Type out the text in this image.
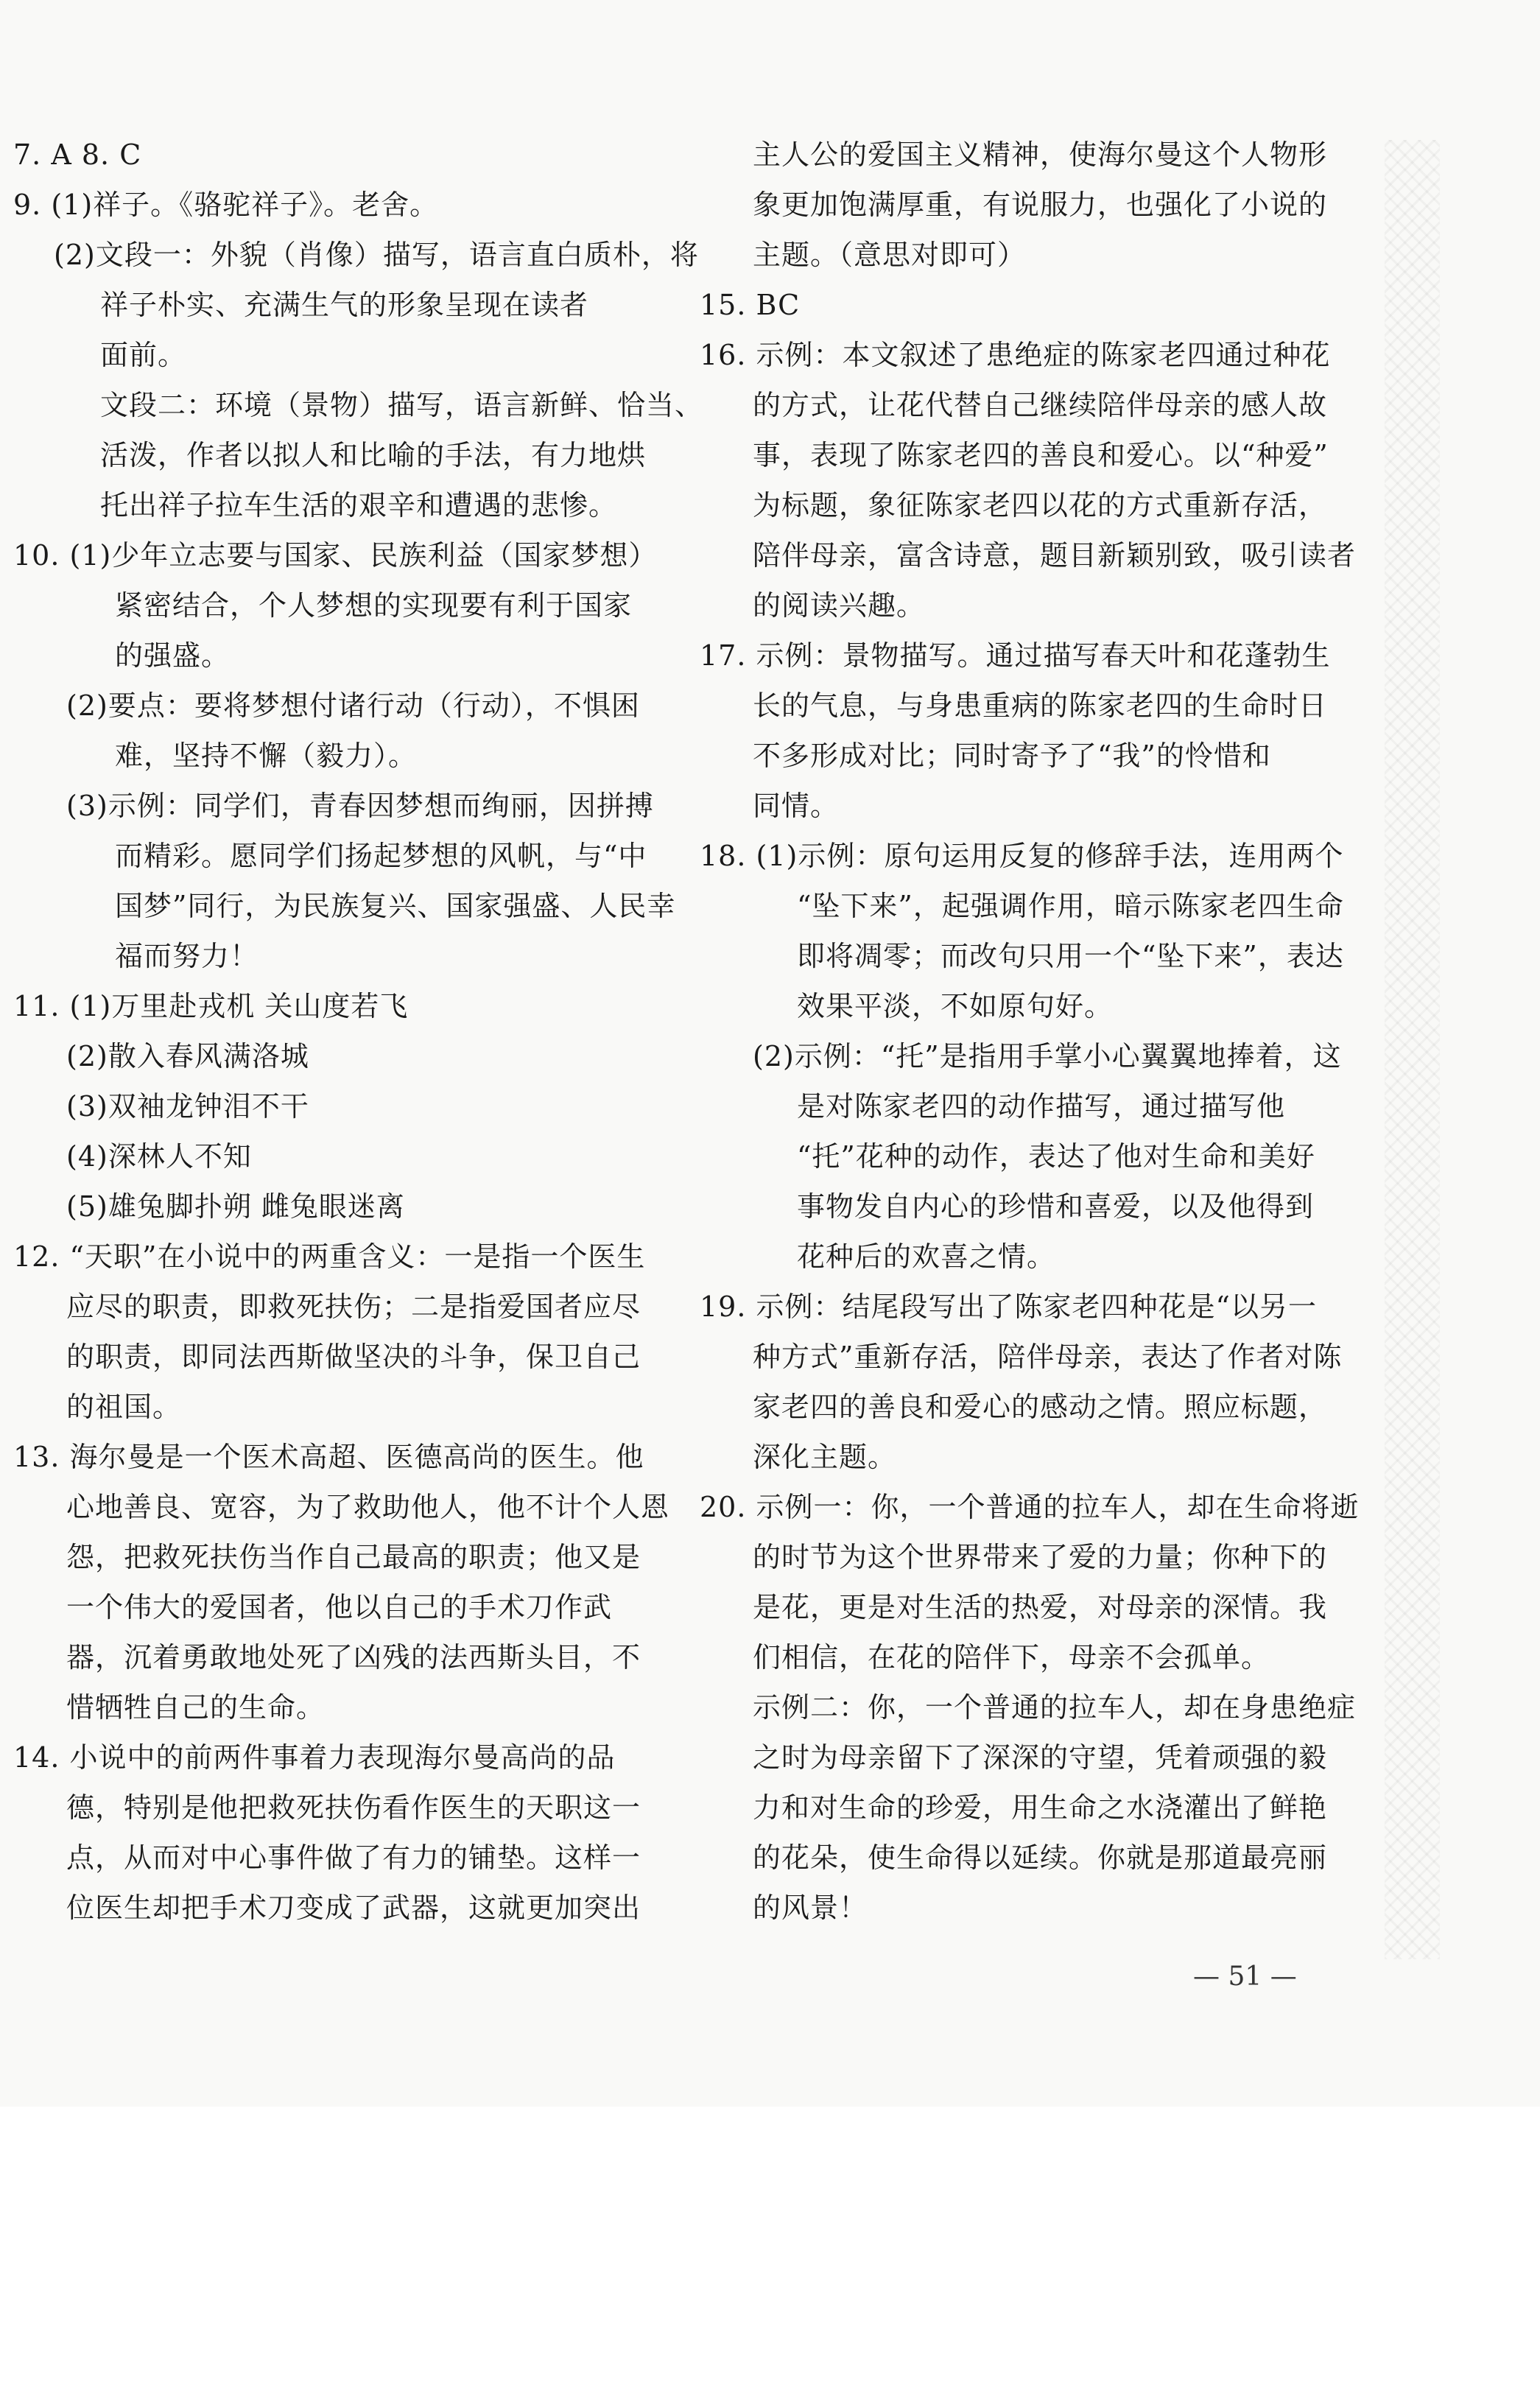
7. A 8. C
9. (1)祥子。《骆驼祥子》。老舍。
(2)文段一：外貌（肖像）描写，语言直白质朴，将
祥子朴实、充满生气的形象呈现在读者
面前。
文段二：环境（景物）描写，语言新鲜、恰当、
活泼，作者以拟人和比喻的手法，有力地烘
托出祥子拉车生活的艰辛和遭遇的悲惨。
10. (1)少年立志要与国家、民族利益（国家梦想）
紧密结合，个人梦想的实现要有利于国家
的强盛。
(2)要点：要将梦想付诸行动（行动），不惧困
难，坚持不懈（毅力）。
(3)示例：同学们，青春因梦想而绚丽，因拼搏
而精彩。愿同学们扬起梦想的风帆，与“中
国梦”同行，为民族复兴、国家强盛、人民幸
福而努力！
11. (1)万里赴戎机 关山度若飞
(2)散入春风满洛城
(3)双袖龙钟泪不干
(4)深林人不知
(5)雄兔脚扑朔 雌兔眼迷离
12. “天职”在小说中的两重含义：一是指一个医生
应尽的职责，即救死扶伤；二是指爱国者应尽
的职责，即同法西斯做坚决的斗争，保卫自己
的祖国。
13. 海尔曼是一个医术高超、医德高尚的医生。他
心地善良、宽容，为了救助他人，他不计个人恩
怨，把救死扶伤当作自己最高的职责；他又是
一个伟大的爱国者，他以自己的手术刀作武
器，沉着勇敢地处死了凶残的法西斯头目，不
惜牺牲自己的生命。
14. 小说中的前两件事着力表现海尔曼高尚的品
德，特别是他把救死扶伤看作医生的天职这一
点，从而对中心事件做了有力的铺垫。这样一
位医生却把手术刀变成了武器，这就更加突出
主人公的爱国主义精神，使海尔曼这个人物形
象更加饱满厚重，有说服力，也强化了小说的
主题。（意思对即可）
15. BC
16. 示例：本文叙述了患绝症的陈家老四通过种花
的方式，让花代替自己继续陪伴母亲的感人故
事，表现了陈家老四的善良和爱心。以“种爱”
为标题，象征陈家老四以花的方式重新存活，
陪伴母亲，富含诗意，题目新颖别致，吸引读者
的阅读兴趣。
17. 示例：景物描写。通过描写春天叶和花蓬勃生
长的气息，与身患重病的陈家老四的生命时日
不多形成对比；同时寄予了“我”的怜惜和
同情。
18. (1)示例：原句运用反复的修辞手法，连用两个
“坠下来”，起强调作用，暗示陈家老四生命
即将凋零；而改句只用一个“坠下来”，表达
效果平淡，不如原句好。
(2)示例：“托”是指用手掌小心翼翼地捧着，这
是对陈家老四的动作描写，通过描写他
“托”花种的动作，表达了他对生命和美好
事物发自内心的珍惜和喜爱，以及他得到
花种后的欢喜之情。
19. 示例：结尾段写出了陈家老四种花是“以另一
种方式”重新存活，陪伴母亲，表达了作者对陈
家老四的善良和爱心的感动之情。照应标题，
深化主题。
20. 示例一：你，一个普通的拉车人，却在生命将逝
的时节为这个世界带来了爱的力量；你种下的
是花，更是对生活的热爱，对母亲的深情。我
们相信，在花的陪伴下，母亲不会孤单。
示例二：你，一个普通的拉车人，却在身患绝症
之时为母亲留下了深深的守望，凭着顽强的毅
力和对生命的珍爱，用生命之水浇灌出了鲜艳
的花朵，使生命得以延续。你就是那道最亮丽
的风景！
— 51 —
